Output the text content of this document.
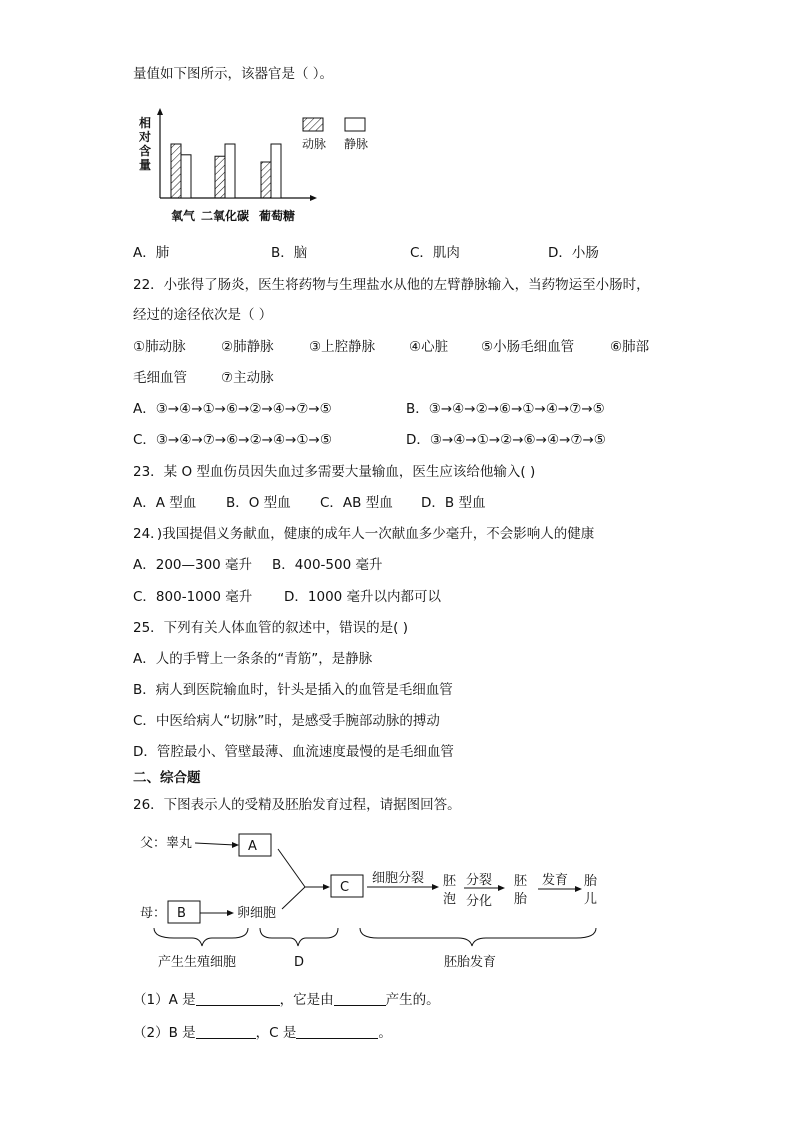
量值如下图所示，该器官是（ ）。
相
对
含
量
氧气 二氧化碳 葡萄糖
动脉 静脉
A．肺	B．脑	C．肌肉	D．小肠
22．小张得了肠炎，医生将药物与生理盐水从他的左臂静脉输入，当药物运至小肠时，
经过的途径依次是（ ）
①肺动脉	②肺静脉	③上腔静脉	④心脏 ⑤小肠毛细血管	⑥肺部
毛细血管	⑦主动脉
A．③→④→①→⑥→②→④→⑦→⑤	B．③→④→②→⑥→①→④→⑦→⑤
C．③→④→⑦→⑥→②→④→①→⑤	D．③→④→①→②→⑥→④→⑦→⑤
23．某 O 型血伤员因失血过多需要大量输血，医生应该给他输入( )
A．A 型血 B．O 型血 C．AB 型血 D．B 型血
24．)我国提倡义务献血，健康的成年人一次献血多少毫升，不会影响人的健康
A．200—300 毫升 B．400-500 毫升
C．800-1000 毫升 D．1000 毫升以内都可以
25．下列有关人体血管的叙述中，错误的是( )
A．人的手臂上一条条的“青筋”，是静脉
B．病人到医院输血时，针头是插入的血管是毛细血管
C．中医给病人“切脉”时，是感受手腕部动脉的搏动
D．管腔最小、管壁最薄、血流速度最慢的是毛细血管
二、综合题
26．下图表示人的受精及胚胎发育过程，请据图回答。
父：睾丸	A
母： B	卵细胞
C
细胞分裂 胚
泡
分裂
分化
胚
胎
发育 胎
儿
产生生殖细胞	D	胚胎发育
（1）A 是	，它是由	产生的。
（2）B 是	，C 是	。
